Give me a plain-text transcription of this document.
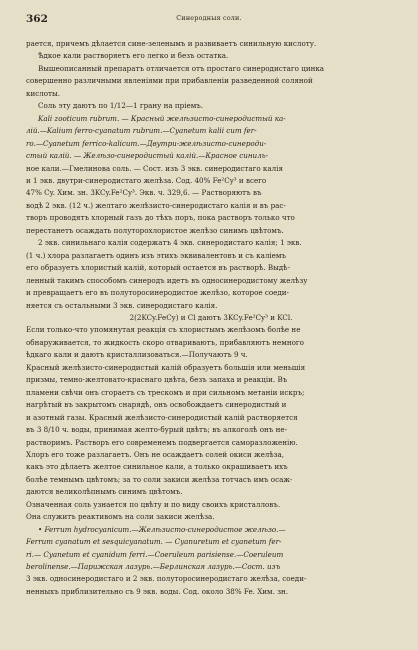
362	Синеродныя соли.

рается, причемъ дѣлается сине-зеленымъ и развиваетъ синильную кислоту.

Ѣдкое кали растворяетъ его легко и безъ остатка.

Вышеописанный препаратъ отличается отъ простаго синеродистаго цинка

совершенно различными явленіями при прибавленіи разведенной соляной

кислоты.

Соль эту даютъ по 1/12—1 грану на пріемъ.

Kali zooticum rubrum. — Красный желѣзисто-синеродистый ка-

лій.—Kalium ferro-cyanatum rubrum.—Cyanetum kalii cum fer-

ro.—Cyanetum ferrico-kalicum.—Двутри-желѣзисто-синероди-

стый калій. — Желѣзо-синеродистый калій.—Красное синиль-

ное кали.—Гмелинова соль. — Сост. изъ 3 экв. синеродистаго калія

и 1 экв. двутри-синеродистаго желѣза. Сод. 40% Fe²Cy³ и всего

47% Cy. Хим. зн. 3KCy.Fe²Cy³. Экв. ч. 329,6. — Растворяютъ въ

водѣ 2 экв. (12 ч.) желтаго желѣзисто-синеродистаго калія и въ рас-

творъ проводятъ хлорный газъ до тѣхъ поръ, пока растворъ только что

перестанетъ осаждать полуторохлористое желѣзо синимъ цвѣтомъ.

2 экв. синильнаго калія содержатъ 4 экв. синеродистаго калія; 1 экв.

(1 ч.) хлора разлагаетъ одинъ изъ этихъ эквивалентовъ и съ каліемъ

его образуетъ хлористый калій, который остается въ растворѣ. Выдѣ-

ленный такимъ способомъ синеродъ идетъ въ односинеродистому желѣзу

и превращаетъ его въ полуторосинеродистое желѣзо, которое соеди-

няется съ остальными 3 экв. синеродистаго калія.

2(2KCy.FeCy) и Cl даютъ 3KCy.Fe²Cy³ и KCl.

Если только-что упомянутая реакція съ хлористымъ желѣзомъ болѣе не

обнаруживается, то жидкость скоро отвариваютъ, прибавляютъ немного

ѣдкаго кали и даютъ кристаллизоваться.—Получаютъ 9 ч.

Красный желѣзисто-синеродистый калій образуетъ большія или меньшія

призмы, темно-желтовато-краснаго цвѣта, безъ запаха и реакціи. Въ

пламени свѣчи онъ сгораетъ съ трескомъ и при сильномъ метаніи искръ;

нагрѣтый въ закрытомъ снарядѣ, онъ освобождаетъ синеродистый и

и азотный газы. Красный желѣзисто-синеродистый калій растворяется

въ 3 8/10 ч. воды, принимая желто-бурый цвѣтъ; въ алкоголѣ онъ не-

растворимъ. Растворъ его современемъ подвергается саморазложенію.

Хлоръ его тоже разлагаетъ. Онъ не осаждаетъ солей окиси желѣза,

какъ это дѣлаетъ желтое синильное кали, а только окрашиваетъ ихъ

болѣе темнымъ цвѣтомъ; за то соли закиси желѣза тотчасъ имъ осаж-

даются великолѣпнымъ синимъ цвѣтомъ.

Означенная соль узнается по цвѣту и по виду своихъ кристалловъ.

Она служитъ реактивомъ на соли закиси желѣза.

• Ferrum hydrocyanicum.—Желѣзисто-синеродистое желѣзо.—

Ferrum cyanatum et sesquicyanatum. — Cyanuretum et cyanetum fer-

ri.— Cyanetum et cyanidum ferri.—Coeruleum parisiense.—Coeruleum

berolinense.—Парижская лазурь.—Берлинская лазурь.—Сост. изъ

3 экв. односинеродистаго и 2 экв. полуторосинеродистаго желѣза, соеди-

ненныхъ приблизительно съ 9 экв. воды. Сод. около 38% Fe. Хим. зн.
